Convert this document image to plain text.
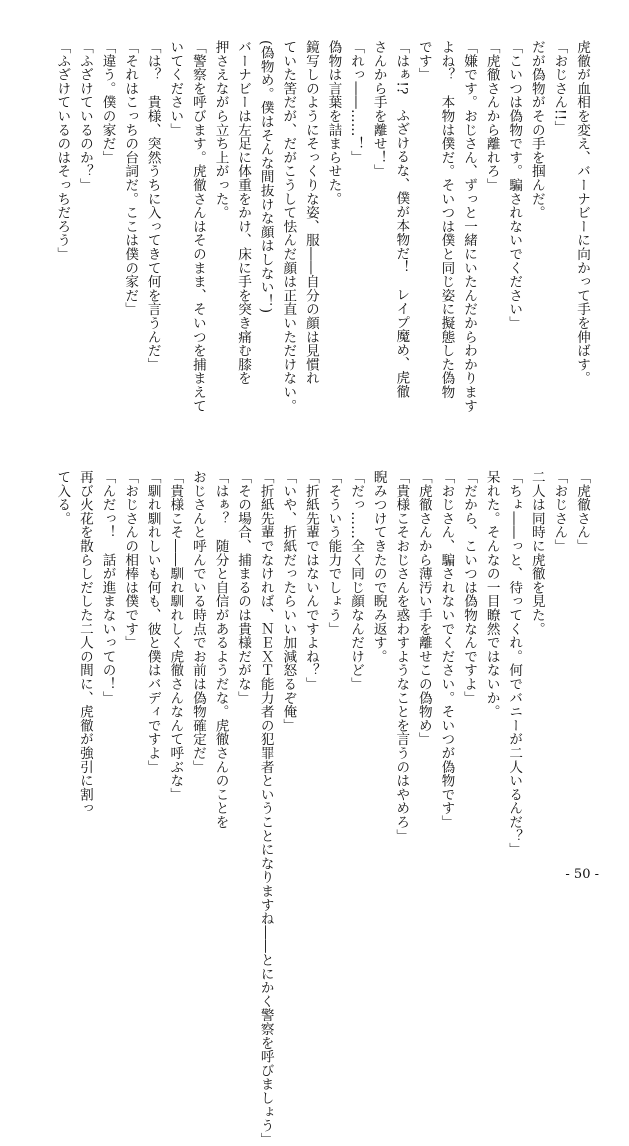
虎徹が血相を変え、バーナビーに向かって手を伸ばす。
「おじさん!!」
だが偽物がその手を掴んだ。
「こいつは偽物です。騙されないでください」
「虎徹さんから離れろ」
「嫌です。おじさん、ずっと一緒にいたんだからわかります
よね？　本物は僕だ。そいつは僕と同じ姿に擬態した偽物
です」
「はぁ!?　ふざけるな、僕が本物だ！　レイプ魔め、虎徹
さんから手を離せ！」
「れっ――……！」
偽物は言葉を詰まらせた。
鏡写しのようにそっくりな姿、服――自分の顔は見慣れ
ていた筈だが、だがこうして怯んだ顔は正直いただけない。
(偽物め。僕はそんな間抜けな顔はしない！)
バーナビーは左足に体重をかけ、床に手を突き痛む膝を
押さえながら立ち上がった。
「警察を呼びます。虎徹さんはそのまま、そいつを捕まえて
いてください」
「は？　貴様、突然うちに入ってきて何を言うんだ」
「それはこっちの台詞だ。ここは僕の家だ」
「違う。僕の家だ」
「ふざけているのか？」
「ふざけているのはそっちだろう」
「虎徹さん」
「おじさん」
二人は同時に虎徹を見た。
「ちょ――っと、待ってくれ。何でバニーが二人いるんだ？」
呆れた。そんなの一目瞭然ではないか。
「だから、こいつは偽物なんですよ」
「おじさん、騙されないでください。そいつが偽物です」
「虎徹さんから薄汚い手を離せこの偽物め」
「貴様こそおじさんを惑わすようなことを言うのはやめろ」
睨みつけてきたので睨み返す。
「だっ……全く同じ顔なんだけど」
「そういう能力でしょう」
「折紙先輩ではないんですよね？」
「いや、折紙だったらいい加減怒るぞ俺」
「折紙先輩でなければ、ＮＥＸＴ能力者の犯罪者ということになりますね――とにかく警察を呼びましょう」
「その場合、捕まるのは貴様だがな」
「はぁ？　随分と自信があるようだな。虎徹さんのことを
おじさんと呼んでいる時点でお前は偽物確定だ」
「貴様こそ――馴れ馴れしく虎徹さんなんて呼ぶな」
「馴れ馴れしいも何も、彼と僕はバディですよ」
「おじさんの相棒は僕です」
「んだっ！　話が進まないっての！」
再び火花を散らしだした二人の間に、虎徹が強引に割っ
て入る。
- 50 -
